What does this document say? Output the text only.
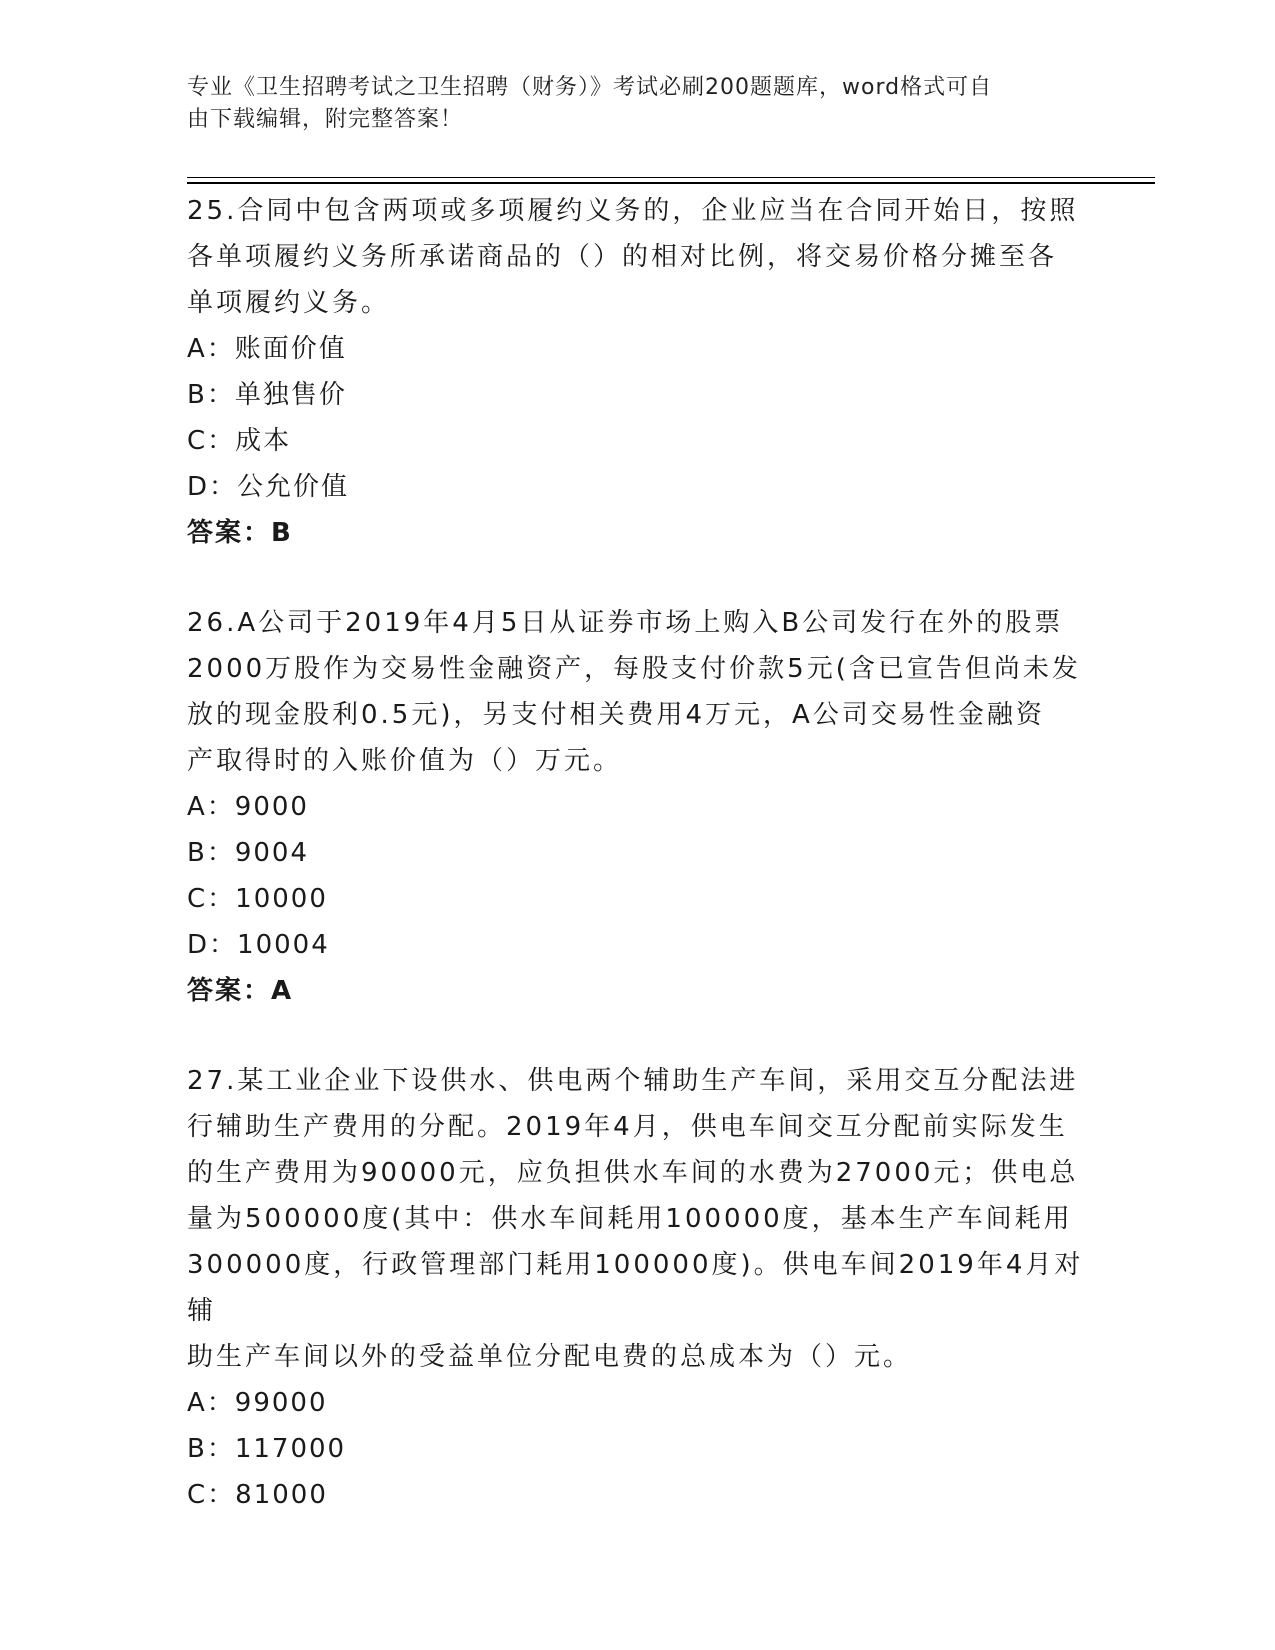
专业《卫生招聘考试之卫生招聘（财务）》考试必刷200题题库，word格式可自
由下载编辑，附完整答案！

25.合同中包含两项或多项履约义务的，企业应当在合同开始日，按照

各单项履约义务所承诺商品的（）的相对比例，将交易价格分摊至各

单项履约义务。

A：账面价值

B：单独售价

C：成本

D：公允价值

答案：B

26.A公司于2019年4月5日从证券市场上购入B公司发行在外的股票

2000万股作为交易性金融资产，每股支付价款5元(含已宣告但尚未发

放的现金股利0.5元)，另支付相关费用4万元，A公司交易性金融资

产取得时的入账价值为（）万元。

A：9000

B：9004

C：10000

D：10004

答案：A

27.某工业企业下设供水、供电两个辅助生产车间，采用交互分配法进

行辅助生产费用的分配。2019年4月，供电车间交互分配前实际发生

的生产费用为90000元，应负担供水车间的水费为27000元；供电总

量为500000度(其中：供水车间耗用100000度，基本生产车间耗用

300000度，行政管理部门耗用100000度)。供电车间2019年4月对辅

助生产车间以外的受益单位分配电费的总成本为（）元。

A：99000

B：117000

C：81000
